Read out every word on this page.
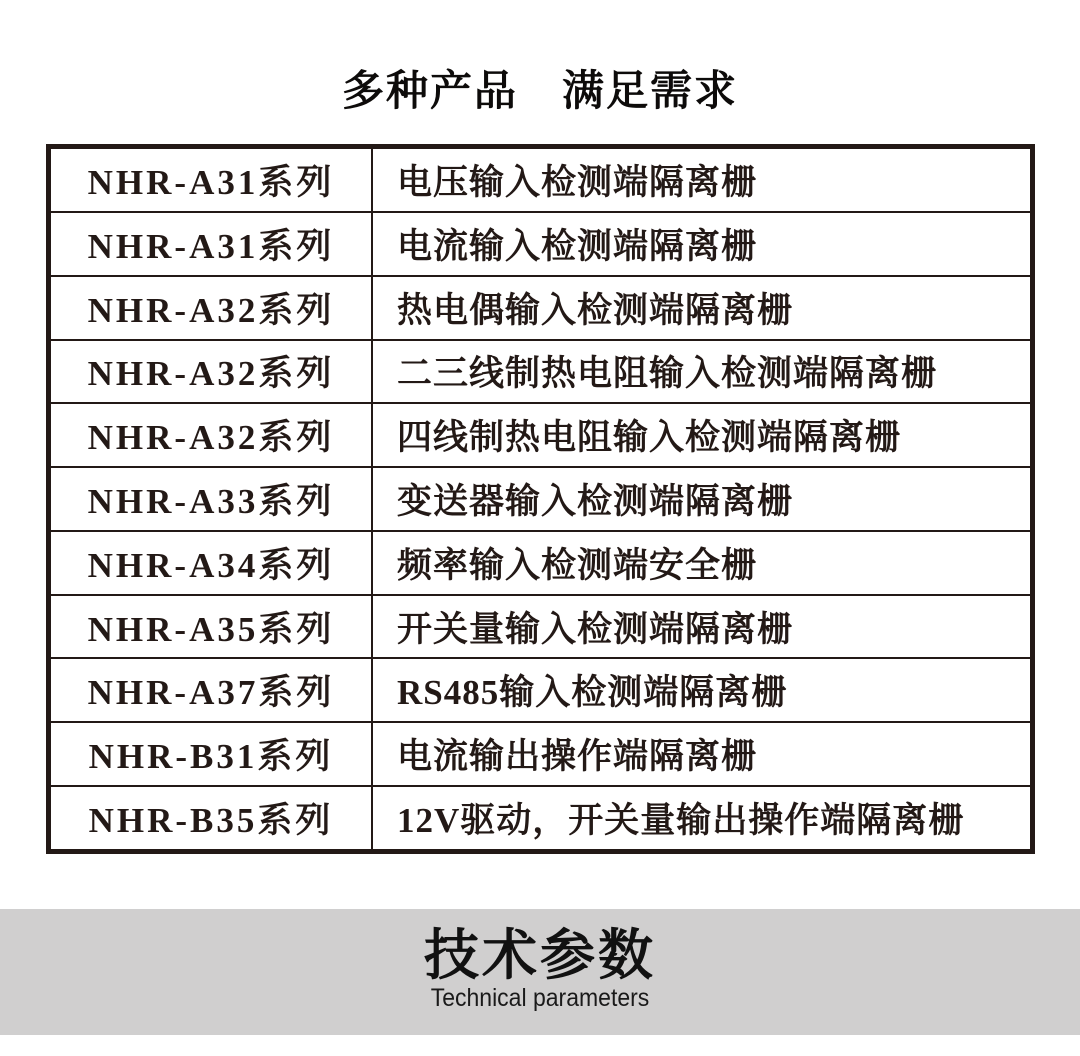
多种产品　满足需求
NHR-A31系列	电压输入检测端隔离栅
NHR-A31系列	电流输入检测端隔离栅
NHR-A32系列	热电偶输入检测端隔离栅
NHR-A32系列	二三线制热电阻输入检测端隔离栅
NHR-A32系列	四线制热电阻输入检测端隔离栅
NHR-A33系列	变送器输入检测端隔离栅
NHR-A34系列	频率输入检测端安全栅
NHR-A35系列	开关量输入检测端隔离栅
NHR-A37系列	RS485输入检测端隔离栅
NHR-B31系列	电流输出操作端隔离栅
NHR-B35系列	12V驱动，开关量输出操作端隔离栅
技术参数
Technical parameters
